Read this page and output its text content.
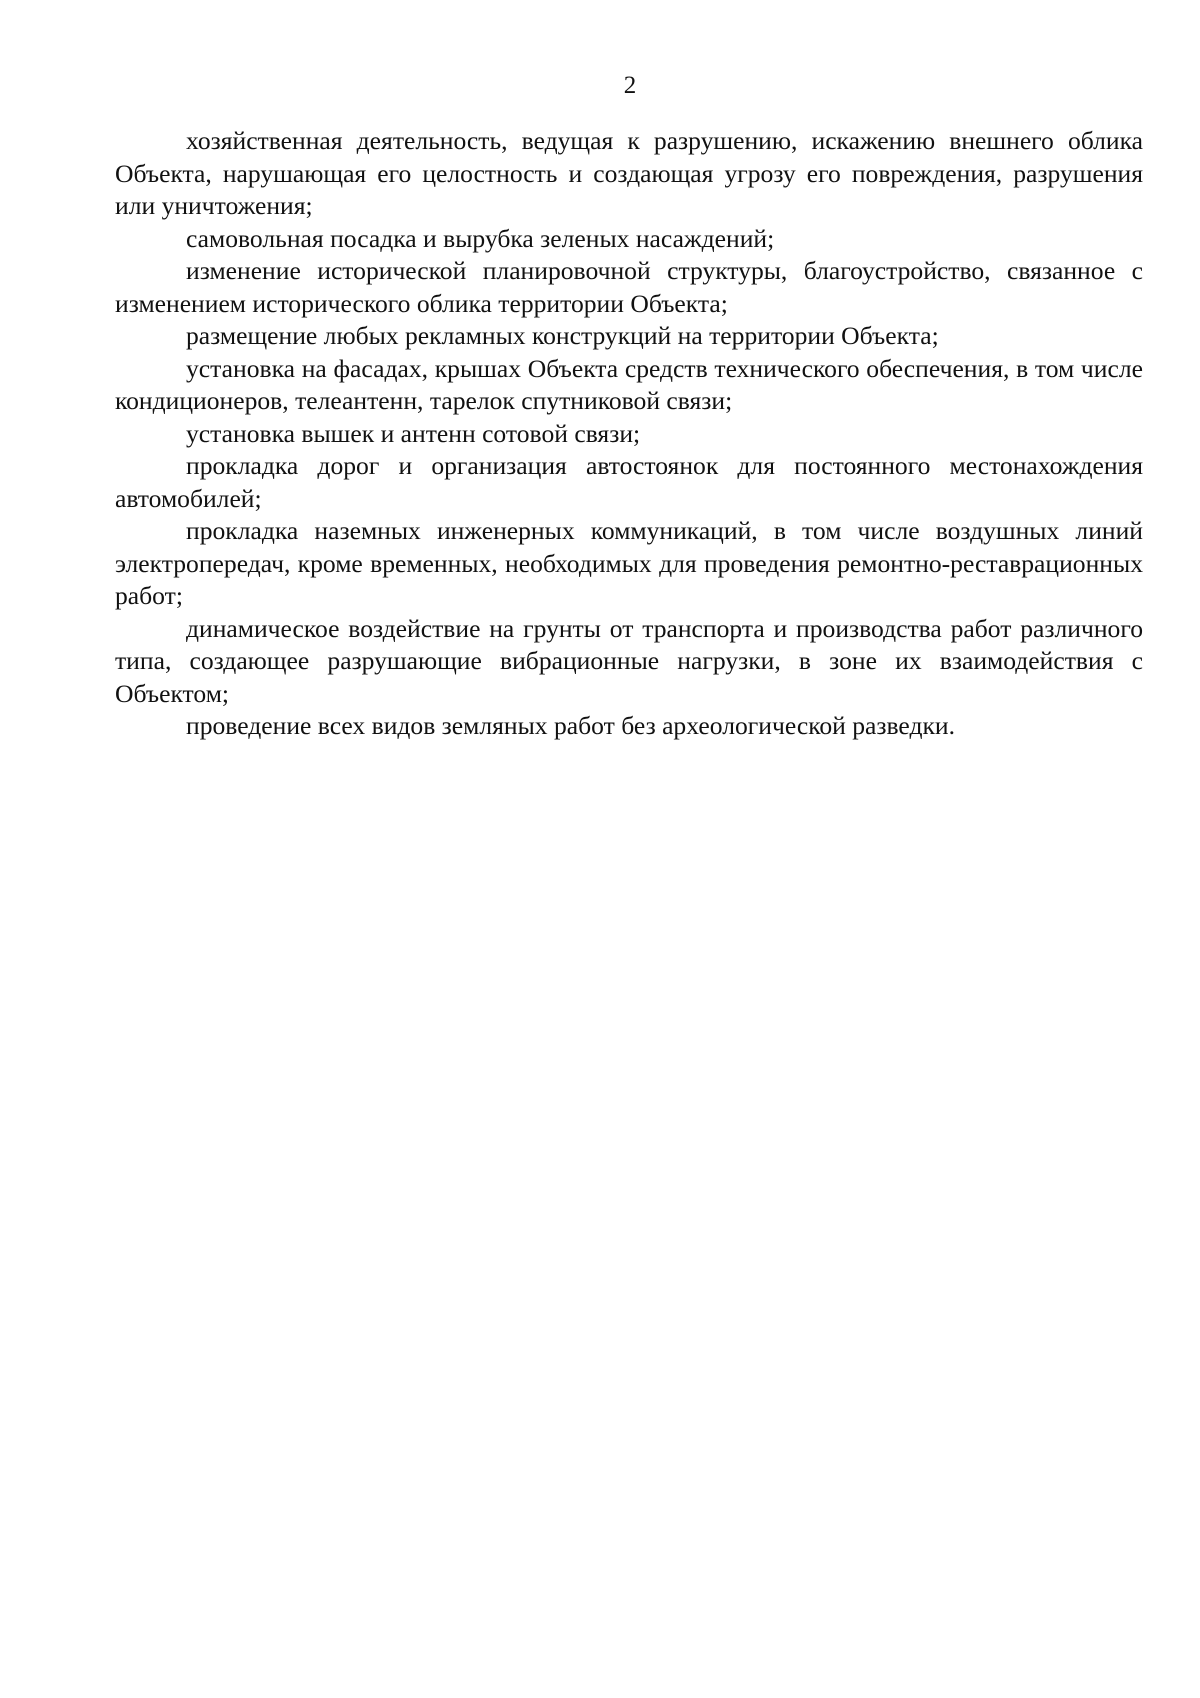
2

хозяйственная деятельность, ведущая к разрушению, искажению внешнего облика Объекта, нарушающая его целостность и создающая угрозу его повреждения, разрушения или уничтожения;

самовольная посадка и вырубка зеленых насаждений;

изменение исторической планировочной структуры, благоустройство, связанное с изменением исторического облика территории Объекта;

размещение любых рекламных конструкций на территории Объекта;

установка на фасадах, крышах Объекта средств технического обеспечения, в том числе кондиционеров, телеантенн, тарелок спутниковой связи;

установка вышек и антенн сотовой связи;

прокладка дорог и организация автостоянок для постоянного местонахождения автомобилей;

прокладка наземных инженерных коммуникаций, в том числе воздушных линий электропередач, кроме временных, необходимых для проведения ремонтно-реставрационных работ;

динамическое воздействие на грунты от транспорта и производства работ различного типа, создающее разрушающие вибрационные нагрузки, в зоне их взаимодействия с Объектом;

проведение всех видов земляных работ без археологической разведки.
